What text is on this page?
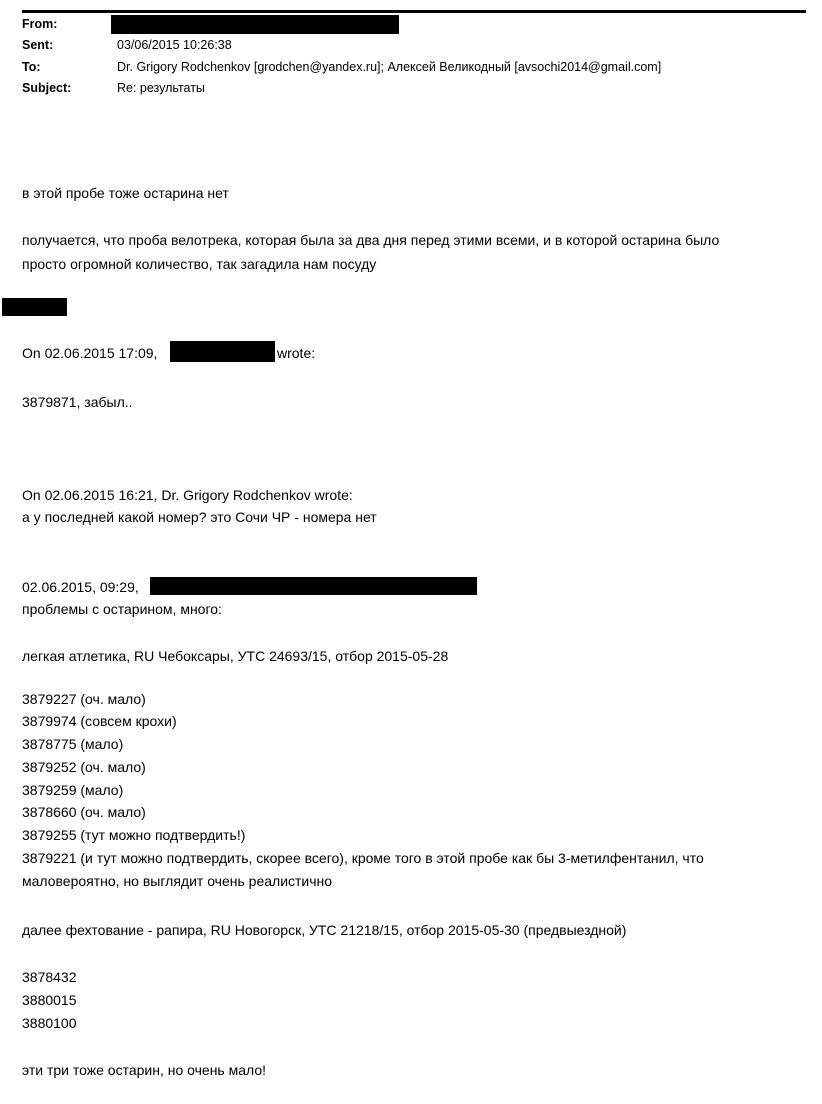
From:
Sent:	03/06/2015 10:26:38
To:	Dr. Grigory Rodchenkov [grodchen@yandex.ru]; Алексей Великодный [avsochi2014@gmail.com]
Subject:	Re: результаты
в этой пробе тоже остарина нет
получается, что проба велотрека, которая была за два дня перед этими всеми, и в которой остарина было
просто огромной количество, так загадила нам посуду
On 02.06.2015 17:09,	wrote:
3879871, забыл..
On 02.06.2015 16:21, Dr. Grigory Rodchenkov wrote:
а у последней какой номер? это Сочи ЧР - номера нет
02.06.2015, 09:29,
проблемы с остарином, много:
легкая атлетика, RU Чебоксары, УТС 24693/15, отбор 2015-05-28
3879227 (оч. мало)
3879974 (совсем крохи)
3878775 (мало)
3879252 (оч. мало)
3879259 (мало)
3878660 (оч. мало)
3879255 (тут можно подтвердить!)
3879221 (и тут можно подтвердить, скорее всего), кроме того в этой пробе как бы 3-метилфентанил, что
маловероятно, но выглядит очень реалистично
далее фехтование - рапира, RU Новогорск, УТС 21218/15, отбор 2015-05-30 (предвыездной)
3878432
3880015
3880100
эти три тоже остарин, но очень мало!
